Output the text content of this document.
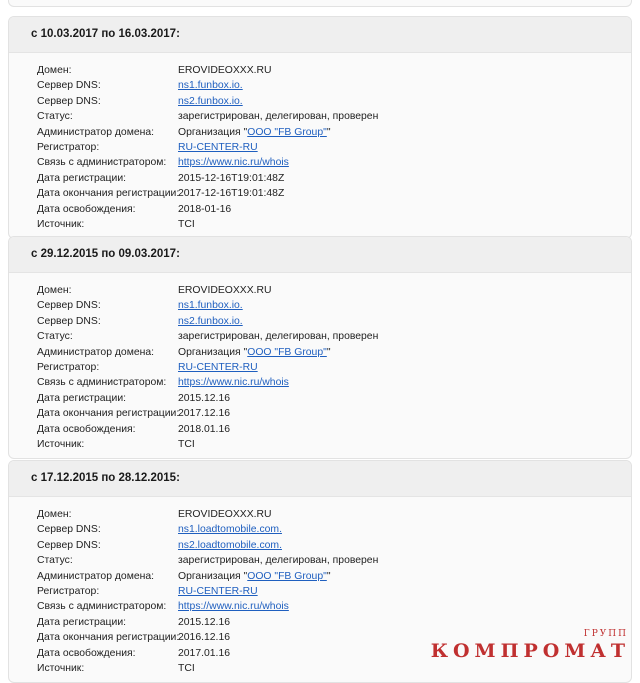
с 10.03.2017 по 16.03.2017:
Домен:	EROVIDEOXXX.RU
Сервер DNS:	ns1.funbox.io.
Сервер DNS:	ns2.funbox.io.
Статус:	зарегистрирован, делегирован, проверен
Администратор домена:	Организация "ООО "FB Group""
Регистратор:	RU-CENTER-RU
Связь с администратором:	https://www.nic.ru/whois
Дата регистрации:	2015-12-16T19:01:48Z
Дата окончания регистрации:
2017-12-16T19:01:48Z
Дата освобождения:	2018-01-16
Источник:	TCI
с 29.12.2015 по 09.03.2017:
Домен:	EROVIDEOXXX.RU
Сервер DNS:	ns1.funbox.io.
Сервер DNS:	ns2.funbox.io.
Статус:	зарегистрирован, делегирован, проверен
Администратор домена:	Организация "ООО "FB Group""
Регистратор:	RU-CENTER-RU
Связь с администратором:	https://www.nic.ru/whois
Дата регистрации:	2015.12.16
Дата окончания регистрации:
2017.12.16
Дата освобождения:	2018.01.16
Источник:	TCI
с 17.12.2015 по 28.12.2015:
Домен:	EROVIDEOXXX.RU
Сервер DNS:	ns1.loadtomobile.com.
Сервер DNS:	ns2.loadtomobile.com.
Статус:	зарегистрирован, делегирован, проверен
Администратор домена:	Организация "ООО "FB Group""
Регистратор:	RU-CENTER-RU
Связь с администратором:	https://www.nic.ru/whois
Дата регистрации:	2015.12.16
Дата окончания регистрации:
2016.12.16
Дата освобождения:	2017.01.16
Источник:	TCI
ГРУПП
КОМПРОМАТ
